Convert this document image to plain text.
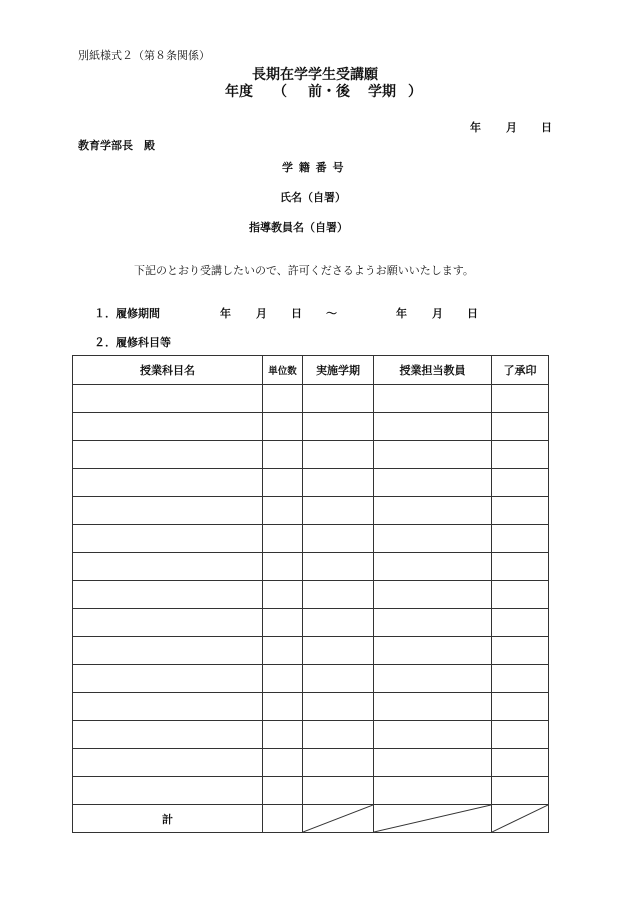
別紙様式２（第８条関係）
長期在学学生受講願
年度 （ 前・後 学期 ）
年 月 日
教育学部長　殿
学 籍 番 号
氏名（自署）
指導教員名（自署）
下記のとおり受講したいので、許可くださるようお願いいたします。
１．履修期間	年 月 日 ～	年 月 日
２．履修科目等
授業科目名	単位数	実施学期	授業担当教員	了承印

計		
